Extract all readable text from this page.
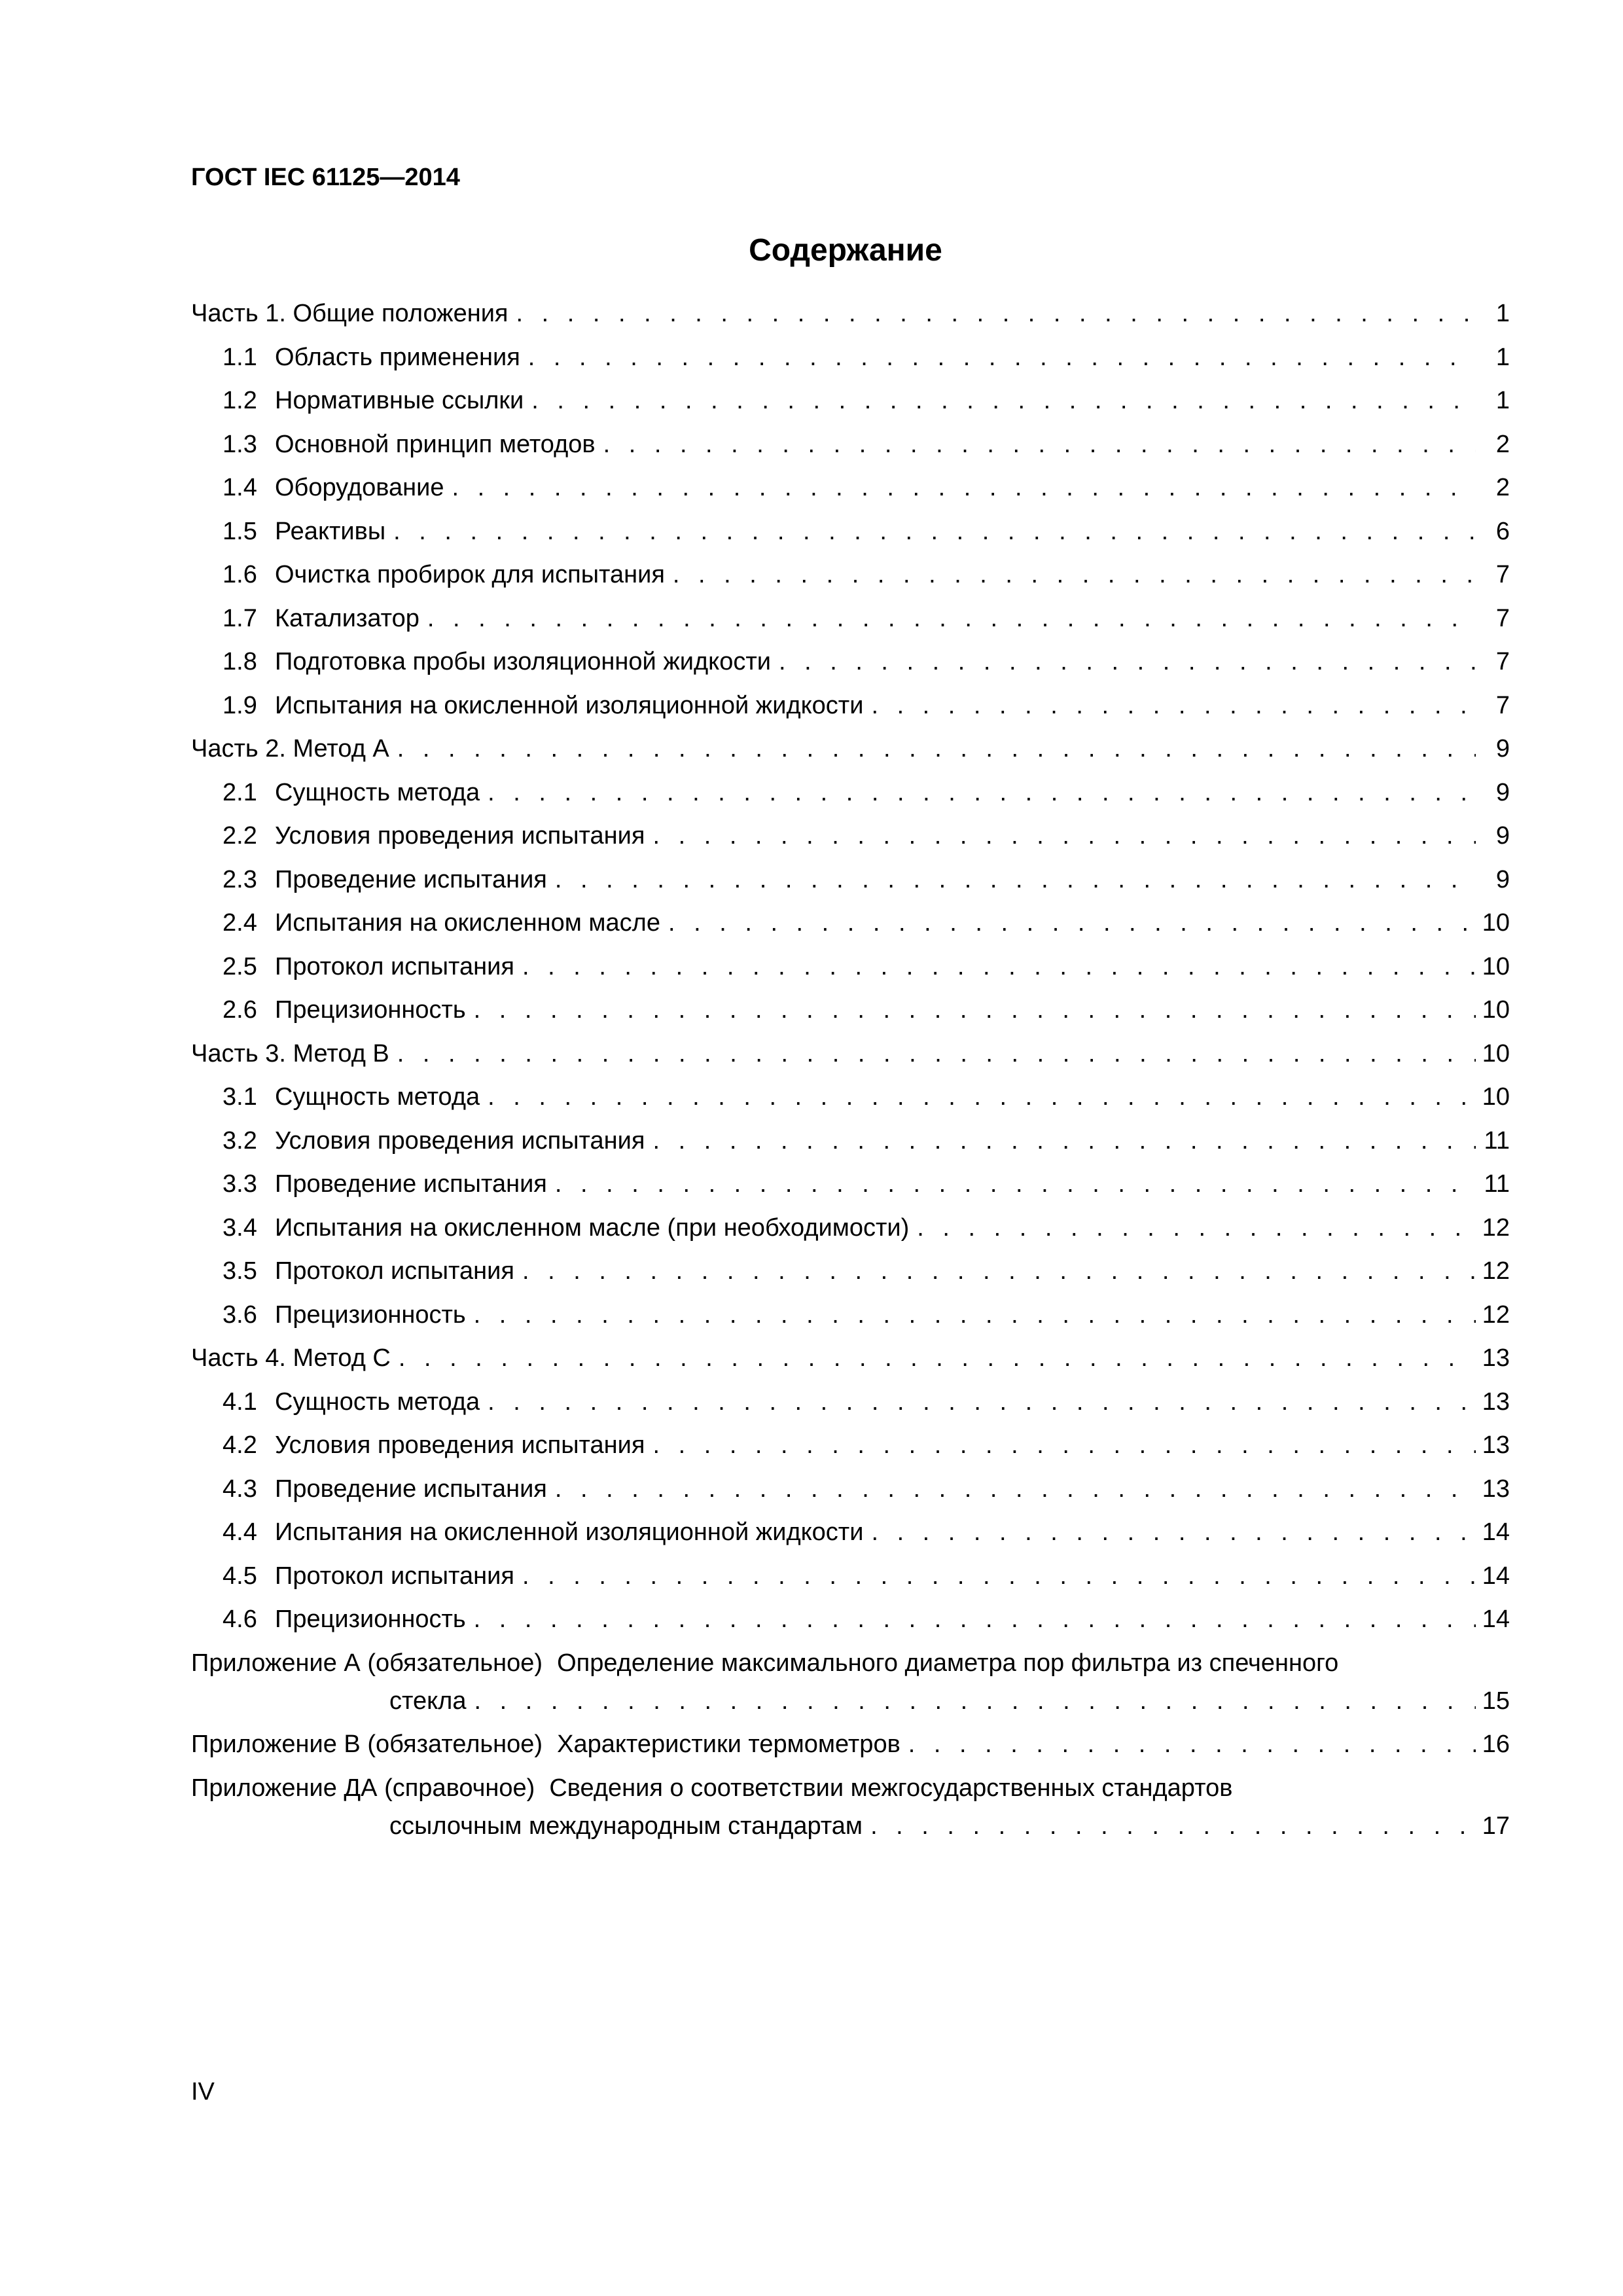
ГОСТ IEC 61125—2014
Содержание
Часть 1. Общие положения . . .	1
1.1 Область применения . . .	1
1.2 Нормативные ссылки . . .	1
1.3 Основной принцип методов . . .	2
1.4 Оборудование . . .	2
1.5 Реактивы . . .	6
1.6 Очистка пробирок для испытания . . .	7
1.7 Катализатор . . .	7
1.8 Подготовка пробы изоляционной жидкости . . .	7
1.9 Испытания на окисленной изоляционной жидкости . . .	7
Часть 2. Метод А . . .	9
2.1 Сущность метода . . .	9
2.2 Условия проведения испытания . . .	9
2.3 Проведение испытания . . .	9
2.4 Испытания на окисленном масле . . .	10
2.5 Протокол испытания . . .	10
2.6 Прецизионность . . .	10
Часть 3. Метод В . . .	10
3.1 Сущность метода . . .	10
3.2 Условия проведения испытания . . .	11
3.3 Проведение испытания . . .	11
3.4 Испытания на окисленном масле (при необходимости) . . .	12
3.5 Протокол испытания . . .	12
3.6 Прецизионность . . .	12
Часть 4. Метод С . . .	13
4.1 Сущность метода . . .	13
4.2 Условия проведения испытания . . .	13
4.3 Проведение испытания . . .	13
4.4 Испытания на окисленной изоляционной жидкости . . .	14
4.5 Протокол испытания . . .	14
4.6 Прецизионность . . .	14
Приложение А (обязательное) Определение максимального диаметра пор фильтра из спеченного
стекла . . .	15
Приложение В (обязательное) Характеристики термометров . . .	16
Приложение ДА (справочное) Сведения о соответствии межгосударственных стандартов
ссылочным международным стандартам . . .	17
IV
